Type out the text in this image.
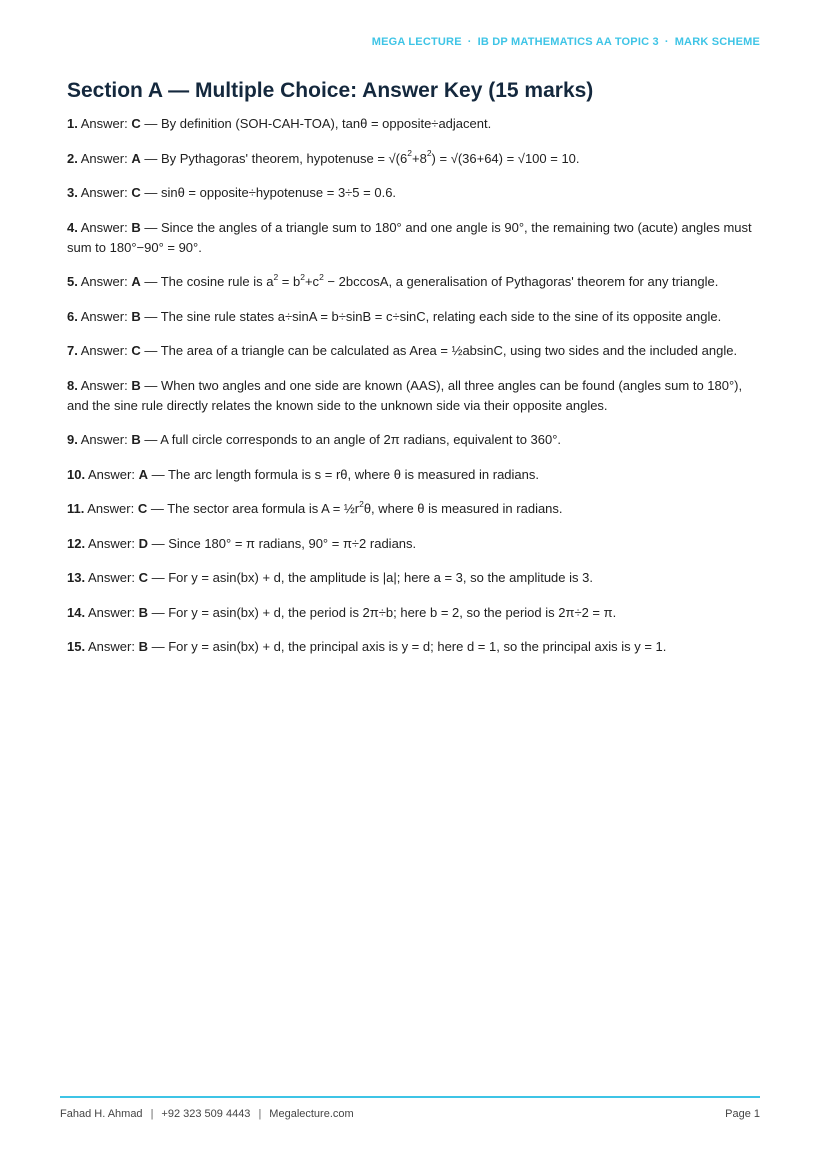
MEGA LECTURE · IB DP MATHEMATICS AA TOPIC 3 · MARK SCHEME
Section A — Multiple Choice: Answer Key (15 marks)

1. Answer: C — By definition (SOH-CAH-TOA), tanθ = opposite÷adjacent.

2. Answer: A — By Pythagoras' theorem, hypotenuse = $√(6^2+8^2) = √(36+64) = √100 = 10$.

3. Answer: C — sinθ = opposite÷hypotenuse = 3÷5 = 0.6.

4. Answer: B — Since the angles of a triangle sum to 180° and one angle is 90°, the remaining two (acute) angles must sum to 180°−90° = 90°.

5. Answer: A — The cosine rule is $a^2 = b^2+c^2 - 2bccosA$, a generalisation of Pythagoras' theorem for any triangle.

6. Answer: B — The sine rule states a÷sinA = b÷sinB = c÷sinC, relating each side to the sine of its opposite angle.

7. Answer: C — The area of a triangle can be calculated as Area = ½absinC, using two sides and the included angle.

8. Answer: B — When two angles and one side are known (AAS), all three angles can be found (angles sum to 180°), and the sine rule directly relates the known side to the unknown side via their opposite angles.

9. Answer: B — A full circle corresponds to an angle of 2π radians, equivalent to 360°.

10. Answer: A — The arc length formula is s = rθ, where θ is measured in radians.

11. Answer: C — The sector area formula is $A = \frac{1}{2}r^2\theta$, where θ is measured in radians.

12. Answer: D — Since 180° = π radians, 90° = π÷2 radians.

13. Answer: C — For y = asin(bx) + d, the amplitude is |a|; here a = 3, so the amplitude is 3.

14. Answer: B — For y = asin(bx) + d, the period is 2π÷b; here b = 2, so the period is 2π÷2 = π.

15. Answer: B — For y = asin(bx) + d, the principal axis is y = d; here d = 1, so the principal axis is y = 1.

Fahad H. Ahmad | +92 323 509 4443 | Megalecture.com	Page 1
